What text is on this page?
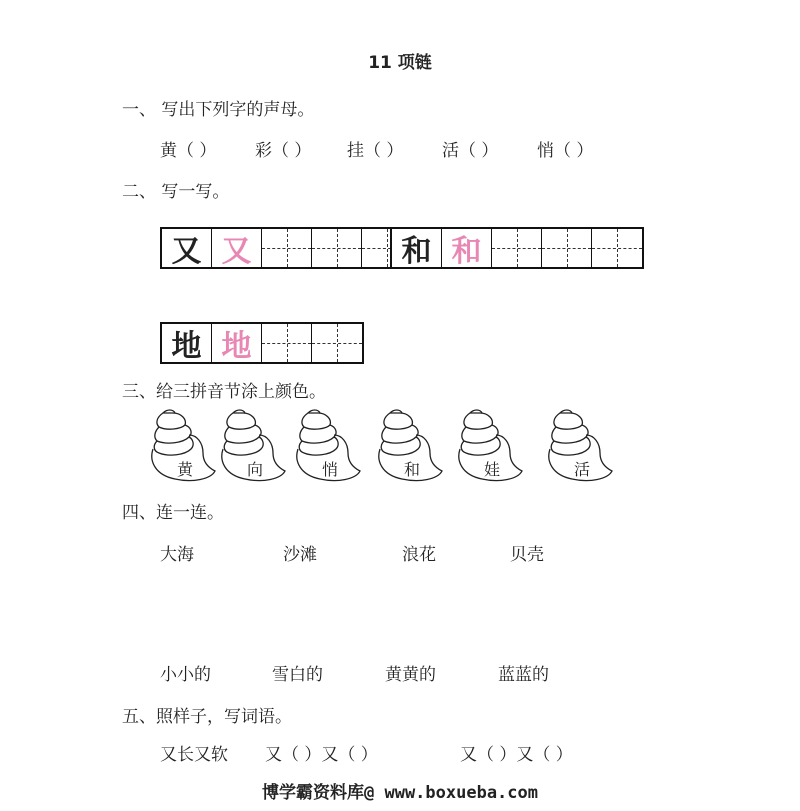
11 项链
一、 写出下列字的声母。
黄（ ） 彩（ ） 挂（ ） 活（ ） 悄（ ）
二、 写一写。
又 又	和 和
地 地
三、给三拼音节涂上颜色。
黄	向	悄	和	娃	活
四、连一连。
大海	沙滩	浪花	贝壳
小小的	雪白的	黄黄的	蓝蓝的
五、照样子，写词语。
又长又软 又（ ）又（ ）	又（ ）又（ ）
博学霸资料库@ www.boxueba.com
